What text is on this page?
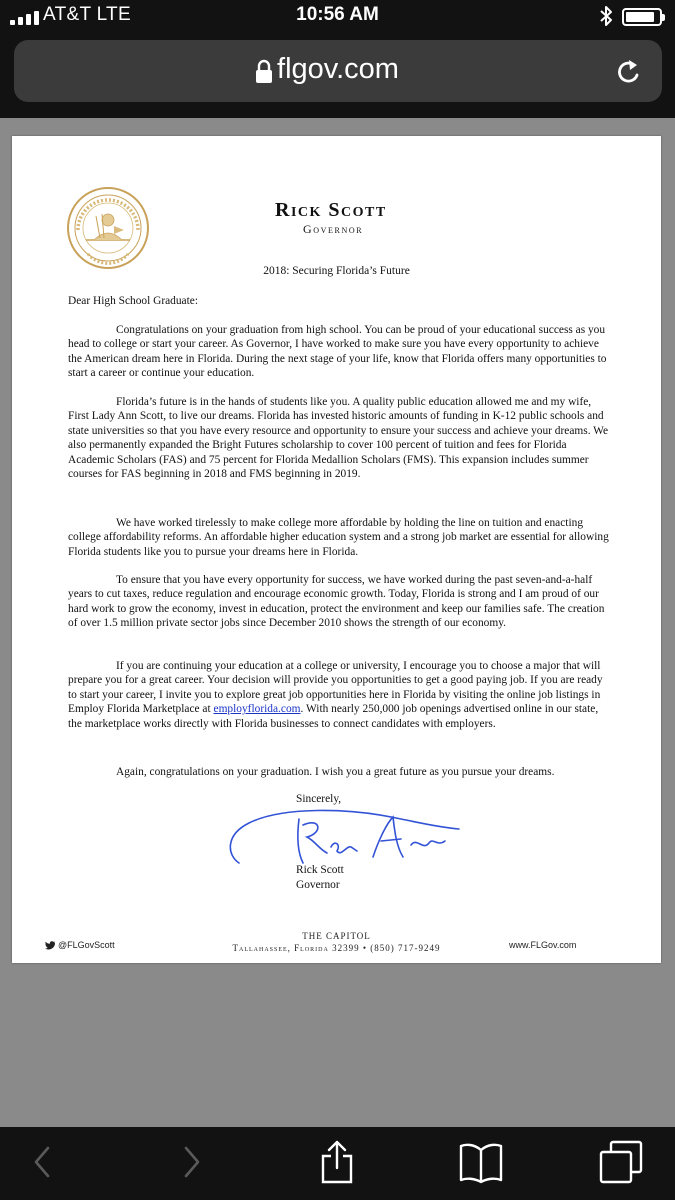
AT&T LTE	10:56 AM
flgov.com
Rick Scott
Governor
2018: Securing Florida’s Future
Dear High School Graduate:

Congratulations on your graduation from high school. You can be proud of your educational success as you head to college or start your career. As Governor, I have worked to make sure you have every opportunity to achieve the American dream here in Florida. During the next stage of your life, know that Florida offers many opportunities to start a career or continue your education.

Florida’s future is in the hands of students like you. A quality public education allowed me and my wife, First Lady Ann Scott, to live our dreams. Florida has invested historic amounts of funding in K-12 public schools and state universities so that you have every resource and opportunity to ensure your success and achieve your dreams. We also permanently expanded the Bright Futures scholarship to cover 100 percent of tuition and fees for Florida Academic Scholars (FAS) and 75 percent for Florida Medallion Scholars (FMS). This expansion includes summer courses for FAS beginning in 2018 and FMS beginning in 2019.

We have worked tirelessly to make college more affordable by holding the line on tuition and enacting college affordability reforms. An affordable higher education system and a strong job market are essential for allowing Florida students like you to pursue your dreams here in Florida.

To ensure that you have every opportunity for success, we have worked during the past seven-and-a-half years to cut taxes, reduce regulation and encourage economic growth. Today, Florida is strong and I am proud of our hard work to grow the economy, invest in education, protect the environment and keep our families safe. The creation of over 1.5 million private sector jobs since December 2010 shows the strength of our economy.

If you are continuing your education at a college or university, I encourage you to choose a major that will prepare you for a great career. Your decision will provide you opportunities to get a good paying job. If you are ready to start your career, I invite you to explore great job opportunities here in Florida by visiting the online job listings in Employ Florida Marketplace at employflorida.com. With nearly 250,000 job openings advertised online in our state, the marketplace works directly with Florida businesses to connect candidates with employers.

Again, congratulations on your graduation. I wish you a great future as you pursue your dreams.

Sincerely,
Rick Scott
Governor
@FLGovScott
THE CAPITOL
Tallahassee, Florida 32399 • (850) 717-9249	www.FLGov.com
